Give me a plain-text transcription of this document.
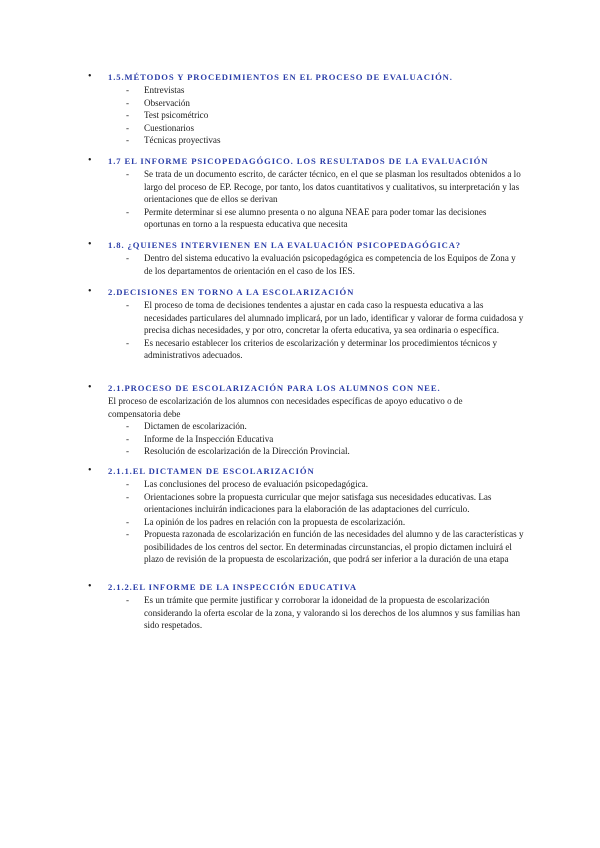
• 1.5.MÉTODOS Y PROCEDIMIENTOS EN EL PROCESO DE EVALUACIÓN.
- Entrevistas
- Observación
- Test psicométrico
- Cuestionarios
- Técnicas proyectivas
• 1.7 EL INFORME PSICOPEDAGÓGICO. LOS RESULTADOS DE LA EVALUACIÓN
- Se trata de un documento escrito, de carácter técnico, en el que se plasman los resultados obtenidos a lo largo del proceso de EP. Recoge, por tanto, los datos cuantitativos y cualitativos, su interpretación y las orientaciones que de ellos se derivan
- Permite determinar si ese alumno presenta o no alguna NEAE para poder tomar las decisiones oportunas en torno a la respuesta educativa que necesita
• 1.8. ¿QUIENES INTERVIENEN EN LA EVALUACIÓN PSICOPEDAGÓGICA?
- Dentro del sistema educativo la evaluación psicopedagógica es competencia de los Equipos de Zona y de los departamentos de orientación en el caso de los IES.
• 2.DECISIONES EN TORNO A LA ESCOLARIZACIÓN
- El proceso de toma de decisiones tendentes a ajustar en cada caso la respuesta educativa a las necesidades particulares del alumnado implicará, por un lado, identificar y valorar de forma cuidadosa y precisa dichas necesidades, y por otro, concretar la oferta educativa, ya sea ordinaria o específica.
- Es necesario establecer los criterios de escolarización y determinar los procedimientos técnicos y administrativos adecuados.
• 2.1.PROCESO DE ESCOLARIZACIÓN PARA LOS ALUMNOS CON NEE.
El proceso de escolarización de los alumnos con necesidades específicas de apoyo educativo o de compensatoria debe
- Dictamen de escolarización.
- Informe de la Inspección Educativa
- Resolución de escolarización de la Dirección Provincial.
• 2.1.1.EL DICTAMEN DE ESCOLARIZACIÓN
- Las conclusiones del proceso de evaluación psicopedagógica.
- Orientaciones sobre la propuesta curricular que mejor satisfaga sus necesidades educativas. Las orientaciones incluirán indicaciones para la elaboración de las adaptaciones del currículo.
- La opinión de los padres en relación con la propuesta de escolarización.
- Propuesta razonada de escolarización en función de las necesidades del alumno y de las características y posibilidades de los centros del sector. En determinadas circunstancias, el propio dictamen incluirá el plazo de revisión de la propuesta de escolarización, que podrá ser inferior a la duración de una etapa
• 2.1.2.EL INFORME DE LA INSPECCIÓN EDUCATIVA
- Es un trámite que permite justificar y corroborar la idoneidad de la propuesta de escolarización considerando la oferta escolar de la zona, y valorando si los derechos de los alumnos y sus familias han sido respetados.
